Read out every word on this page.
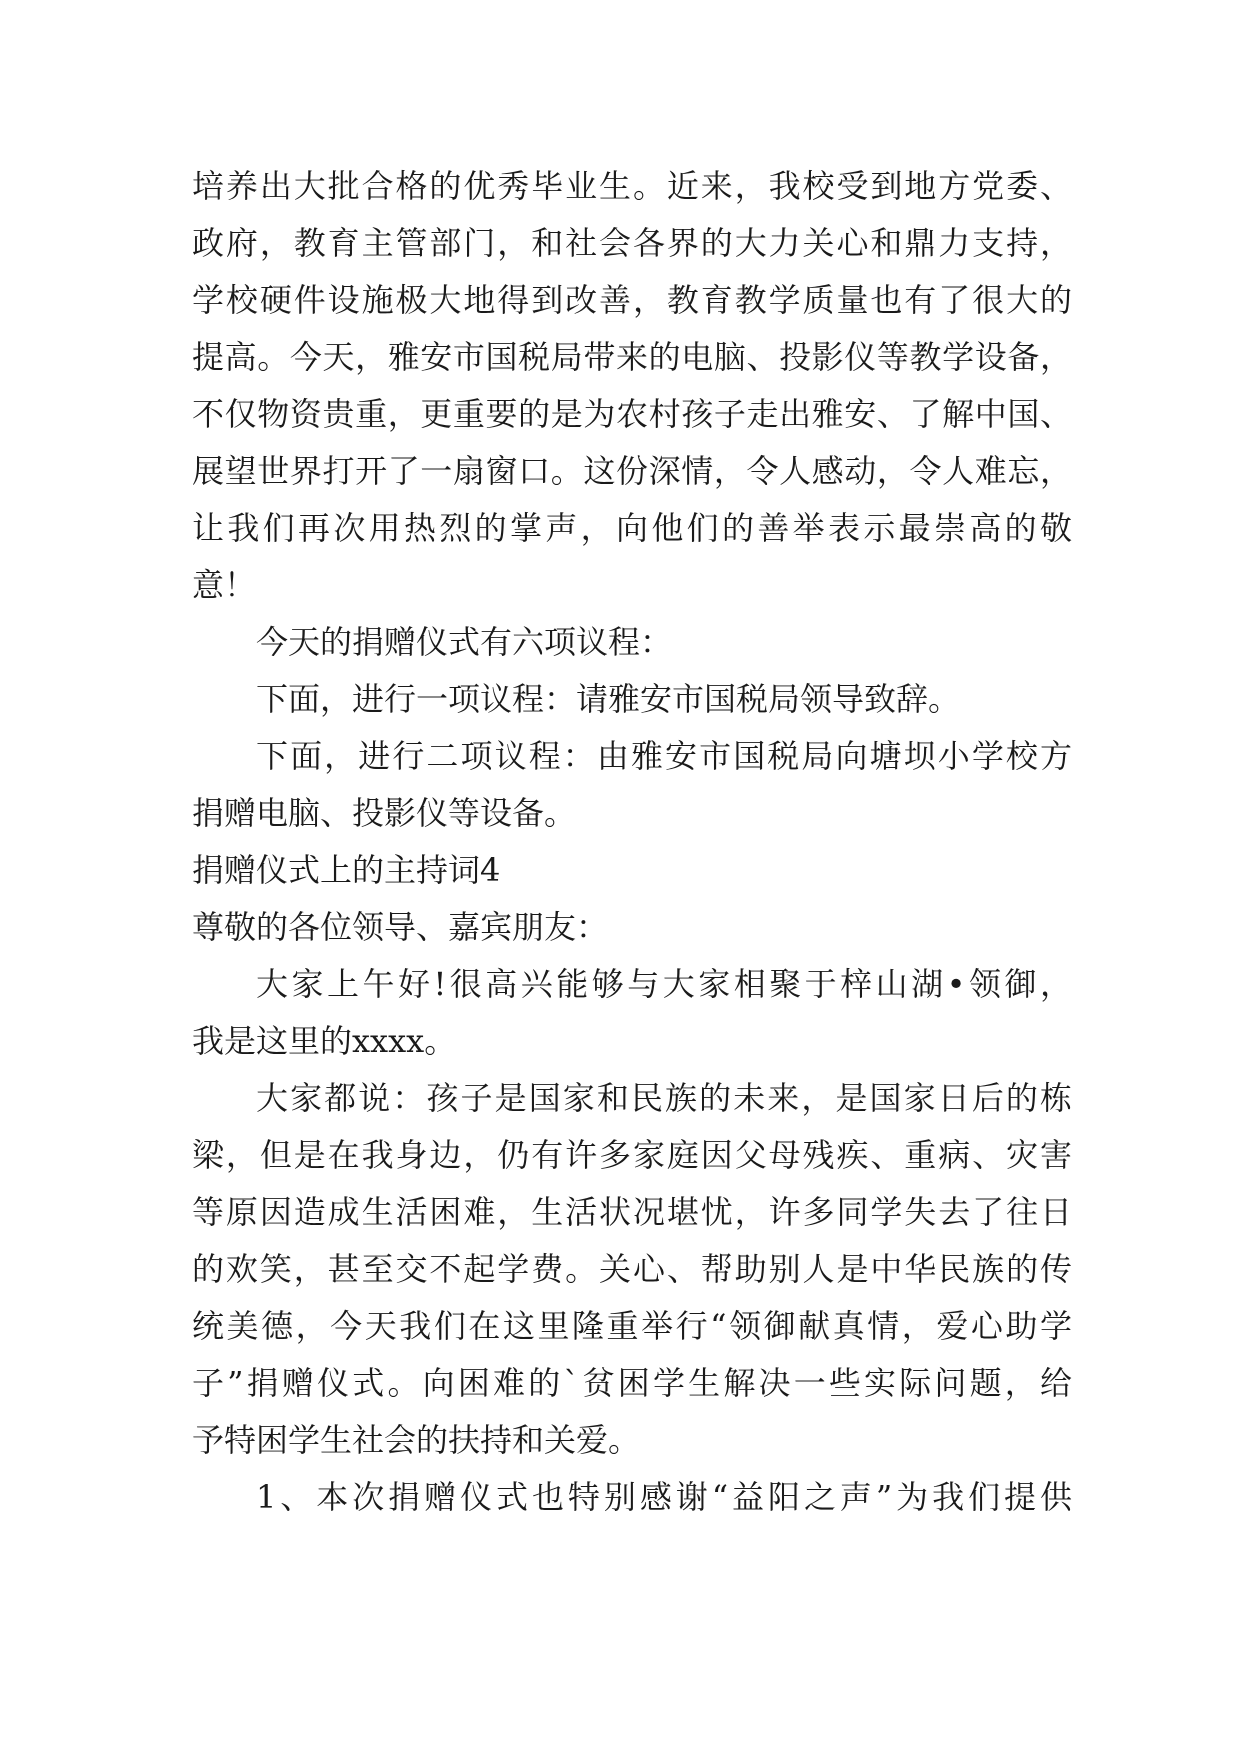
培养出大批合格的优秀毕业生。近来，我校受到地方党委、
政府，教育主管部门，和社会各界的大力关心和鼎力支持，
学校硬件设施极大地得到改善，教育教学质量也有了很大的
提高。今天，雅安市国税局带来的电脑、投影仪等教学设备，
不仅物资贵重，更重要的是为农村孩子走出雅安、了解中国、
展望世界打开了一扇窗口。这份深情，令人感动，令人难忘，
让我们再次用热烈的掌声，向他们的善举表示最崇高的敬
意！
今天的捐赠仪式有六项议程：
下面，进行一项议程：请雅安市国税局领导致辞。
下面，进行二项议程：由雅安市国税局向塘坝小学校方
捐赠电脑、投影仪等设备。
捐赠仪式上的主持词4
尊敬的各位领导、嘉宾朋友：
大家上午好!很高兴能够与大家相聚于梓山湖•领御，
我是这里的xxxx。
大家都说：孩子是国家和民族的未来，是国家日后的栋
梁，但是在我身边，仍有许多家庭因父母残疾、重病、灾害
等原因造成生活困难，生活状况堪忧，许多同学失去了往日
的欢笑，甚至交不起学费。关心、帮助别人是中华民族的传
统美德，今天我们在这里隆重举行“领御献真情，爱心助学
子”捐赠仪式。向困难的`贫困学生解决一些实际问题，给
予特困学生社会的扶持和关爱。
1、本次捐赠仪式也特别感谢“益阳之声”为我们提供
